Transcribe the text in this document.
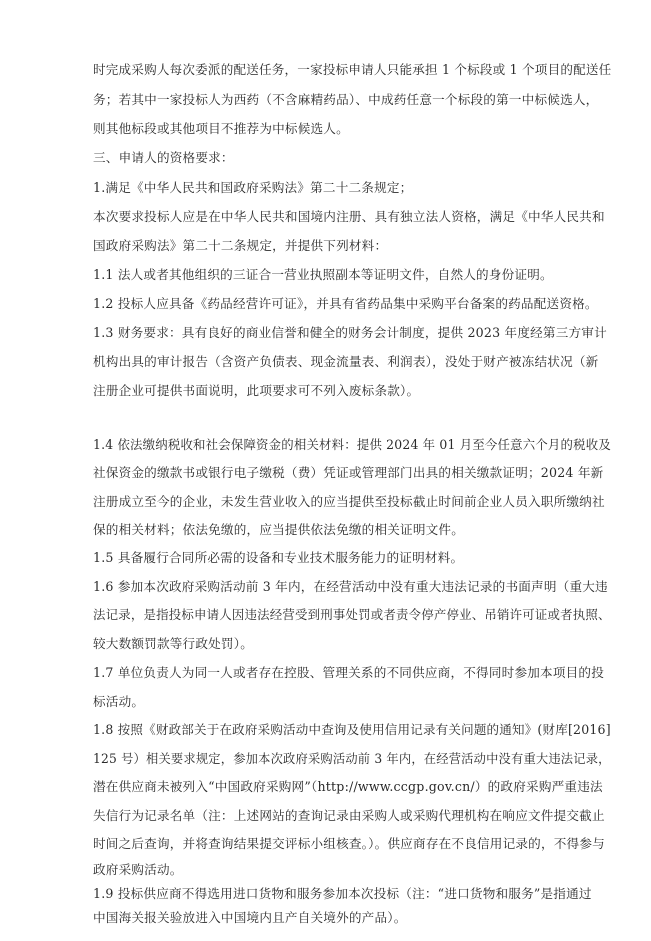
时完成采购人每次委派的配送任务，一家投标申请人只能承担 1 个标段或 1 个项目的配送任
务；若其中一家投标人为西药（不含麻精药品）、中成药任意一个标段的第一中标候选人，
则其他标段或其他项目不推荐为中标候选人。
三、申请人的资格要求：
1.满足《中华人民共和国政府采购法》第二十二条规定；
本次要求投标人应是在中华人民共和国境内注册、具有独立法人资格，满足《中华人民共和
国政府采购法》第二十二条规定，并提供下列材料：
1.1 法人或者其他组织的三证合一营业执照副本等证明文件，自然人的身份证明。
1.2 投标人应具备《药品经营许可证》，并具有省药品集中采购平台备案的药品配送资格。
1.3 财务要求：具有良好的商业信誉和健全的财务会计制度，提供 2023 年度经第三方审计
机构出具的审计报告（含资产负债表、现金流量表、利润表），没处于财产被冻结状况（新
注册企业可提供书面说明，此项要求可不列入废标条款）。
1.4 依法缴纳税收和社会保障资金的相关材料：提供 2024 年 01 月至今任意六个月的税收及
社保资金的缴款书或银行电子缴税（费）凭证或管理部门出具的相关缴款证明；2024 年新
注册成立至今的企业，未发生营业收入的应当提供至投标截止时间前企业人员入职所缴纳社
保的相关材料；依法免缴的，应当提供依法免缴的相关证明文件。
1.5 具备履行合同所必需的设备和专业技术服务能力的证明材料。
1.6 参加本次政府采购活动前 3 年内，在经营活动中没有重大违法记录的书面声明（重大违
法记录，是指投标申请人因违法经营受到刑事处罚或者责令停产停业、吊销许可证或者执照、
较大数额罚款等行政处罚）。
1.7 单位负责人为同一人或者存在控股、管理关系的不同供应商，不得同时参加本项目的投
标活动。
1.8 按照《财政部关于在政府采购活动中查询及使用信用记录有关问题的通知》(财库[2016]
125 号）相关要求规定，参加本次政府采购活动前 3 年内，在经营活动中没有重大违法记录，
潜在供应商未被列入“中国政府采购网”（http://www.ccgp.gov.cn/）的政府采购严重违法
失信行为记录名单（注：上述网站的查询记录由采购人或采购代理机构在响应文件提交截止
时间之后查询，并将查询结果提交评标小组核查。）。供应商存在不良信用记录的，不得参与
政府采购活动。
1.9 投标供应商不得选用进口货物和服务参加本次投标（注：“进口货物和服务”是指通过
中国海关报关验放进入中国境内且产自关境外的产品）。
